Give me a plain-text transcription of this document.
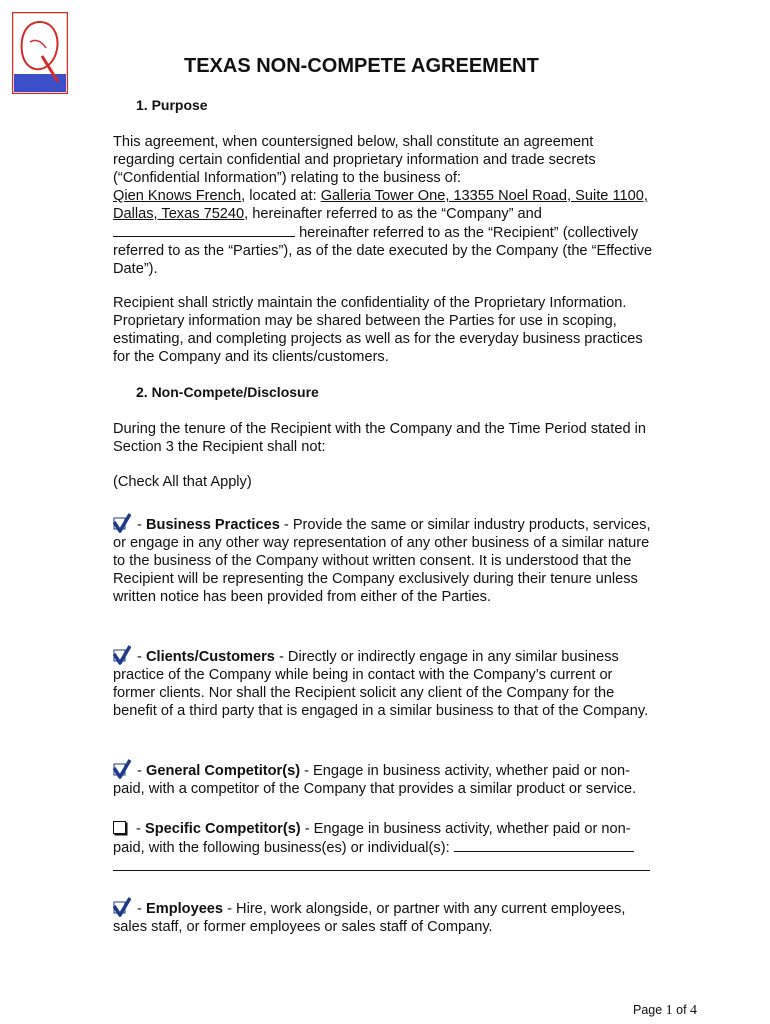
TEXAS NON-COMPETE AGREEMENT
1. Purpose
This agreement, when countersigned below, shall constitute an agreement regarding certain confidential and proprietary information and trade secrets (“Confidential Information”) relating to the business of:
Qien Knows French, located at: Galleria Tower One, 13355 Noel Road, Suite 1100, Dallas, Texas 75240, hereinafter referred to as the “Company” and
hereinafter referred to as the “Recipient” (collectively referred to as the “Parties”), as of the date executed by the Company (the “Effective Date”).
Recipient shall strictly maintain the confidentiality of the Proprietary Information. Proprietary information may be shared between the Parties for use in scoping, estimating, and completing projects as well as for the everyday business practices for the Company and its clients/customers.
2. Non-Compete/Disclosure
During the tenure of the Recipient with the Company and the Time Period stated in Section 3 the Recipient shall not:
(Check All that Apply)
- Business Practices - Provide the same or similar industry products, services, or engage in any other way representation of any other business of a similar nature to the business of the Company without written consent. It is understood that the Recipient will be representing the Company exclusively during their tenure unless written notice has been provided from either of the Parties.
- Clients/Customers - Directly or indirectly engage in any similar business practice of the Company while being in contact with the Company’s current or former clients. Nor shall the Recipient solicit any client of the Company for the benefit of a third party that is engaged in a similar business to that of the Company.
- General Competitor(s) - Engage in business activity, whether paid or non-paid, with a competitor of the Company that provides a similar product or service.
- Specific Competitor(s) - Engage in business activity, whether paid or non-paid, with the following business(es) or individual(s):
- Employees - Hire, work alongside, or partner with any current employees, sales staff, or former employees or sales staff of Company.
Page 1 of 4
